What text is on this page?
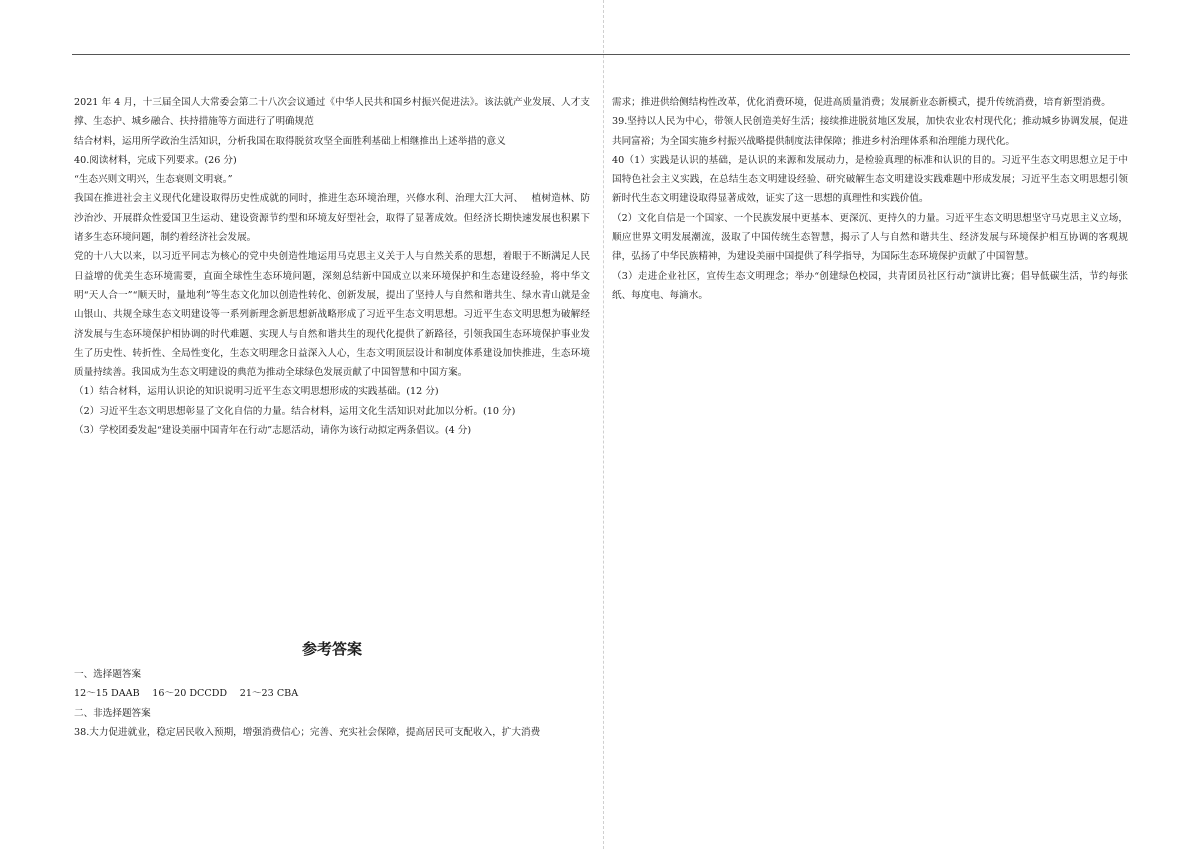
2021 年 4 月，十三届全国人大常委会第二十八次会议通过《中华人民共和国乡村振兴促进法》。该法就产业发展、人才支撑、生态护、城乡融合、扶持措施等方面进行了明确规范

结合材料，运用所学政治生活知识，分析我国在取得脱贫攻坚全面胜利基础上相继推出上述举措的意义

40.阅读材料，完成下列要求。(26 分)

“生态兴则文明兴，生态衰则文明衰。”

我国在推进社会主义现代化建设取得历史性成就的同时，推进生态环境治理，兴修水利、治理大江大河、　 植树造林、防沙治沙、开展群众性爱国卫生运动、建设资源节约型和环境友好型社会，取得了显著成效。但经济长期快速发展也积累下诸多生态环境问题，制约着经济社会发展。

党的十八大以来，以习近平同志为核心的党中央创造性地运用马克思主义关于人与自然关系的思想，着眼于不断满足人民日益增的优美生态环境需要，直面全球性生态环境问题，深刻总结新中国成立以来环境保护和生态建设经验，将中华文明“天人合一”“顺天时，量地利”等生态文化加以创造性转化、创新发展，提出了坚持人与自然和谐共生、绿水青山就是金山银山、共规全球生态文明建设等一系列新理念新思想新战略形成了习近平生态文明思想。习近平生态文明思想为破解经济发展与生态环境保护相协调的时代难题、实现人与自然和谐共生的现代化提供了新路径，引领我国生态环境保护事业发生了历史性、转折性、全局性变化，生态文明理念日益深入人心，生态文明顶层设计和制度体系建设加快推进，生态环境质量持续善。我国成为生态文明建设的典范为推动全球绿色发展贡献了中国智慧和中国方案。

（1）结合材料，运用认识论的知识说明习近平生态文明思想形成的实践基础。(12 分)

（2）习近平生态文明思想彰显了文化自信的力量。结合材料，运用文化生活知识对此加以分析。(10 分)

（3）学校团委发起“建设美丽中国青年在行动”志愿活动，请你为该行动拟定两条倡议。(4 分)

参考答案

一、选择题答案

12～15 DAAB　 16～20 DCCDD　 21～23 CBA

二、非选择题答案

38.大力促进就业，稳定居民收入预期，增强消费信心；完善、充实社会保障，提高居民可支配收入，扩大消费

需求；推进供给侧结构性改革，优化消费环境，促进高质量消费；发展新业态新模式，提升传统消费，培育新型消费。

39.坚持以人民为中心，带领人民创造美好生活；接续推进脱贫地区发展，加快农业农村现代化；推动城乡协调发展，促进共同富裕；为全国实施乡村振兴战略提供制度法律保障；推进乡村治理体系和治理能力现代化。

40（1）实践是认识的基础，是认识的来源和发展动力，是检验真理的标准和认识的目的。习近平生态文明思想立足于中国特色社会主义实践，在总结生态文明建设经验、研究破解生态文明建设实践难题中形成发展；习近平生态文明思想引领新时代生态文明建设取得显著成效，证实了这一思想的真理性和实践价值。

（2）文化自信是一个国家、一个民族发展中更基本、更深沉、更持久的力量。习近平生态文明思想坚守马克思主义立场，顺应世界文明发展潮流，汲取了中国传统生态智慧，揭示了人与自然和谐共生、经济发展与环境保护相互协调的客观规律，弘扬了中华民族精神，为建设美丽中国提供了科学指导，为国际生态环境保护贡献了中国智慧。

（3）走进企业社区，宣传生态文明理念；举办“创建绿色校园，共青团员社区行动”演讲比赛；倡导低碳生活，节约每张纸、每度电、每滴水。
